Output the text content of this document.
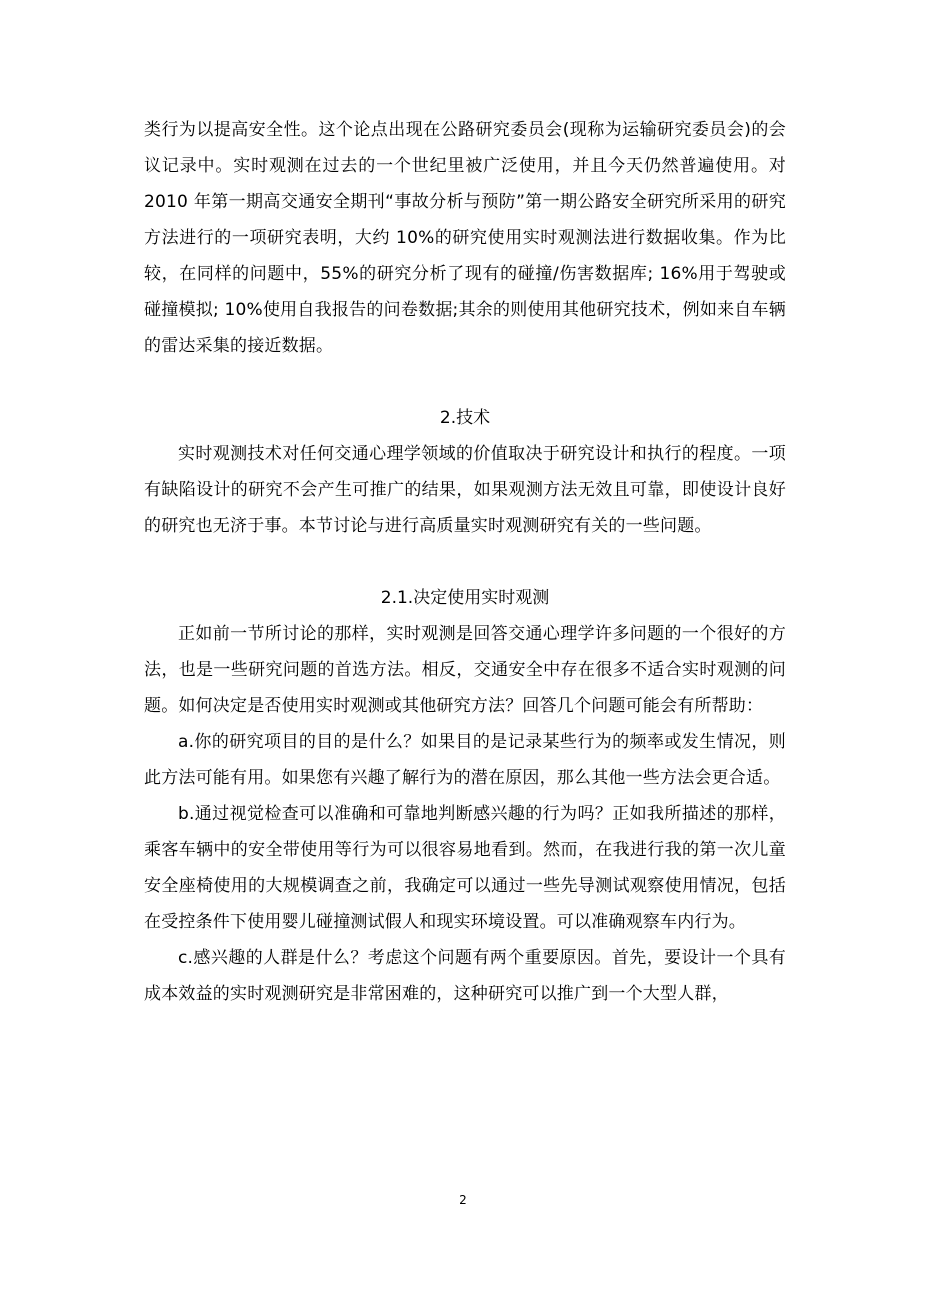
类行为以提高安全性。这个论点出现在公路研究委员会(现称为运输研究委员会)的会议记录中。实时观测在过去的一个世纪里被广泛使用，并且今天仍然普遍使用。对 2010 年第一期高交通安全期刊“事故分析与预防”第一期公路安全研究所采用的研究方法进行的一项研究表明，大约 10%的研究使用实时观测法进行数据收集。作为比较，在同样的问题中，55%的研究分析了现有的碰撞/伤害数据库; 16%用于驾驶或碰撞模拟; 10%使用自我报告的问卷数据;其余的则使用其他研究技术，例如来自车辆的雷达采集的接近数据。

2.技术

实时观测技术对任何交通心理学领域的价值取决于研究设计和执行的程度。一项有缺陷设计的研究不会产生可推广的结果，如果观测方法无效且可靠，即使设计良好的研究也无济于事。本节讨论与进行高质量实时观测研究有关的一些问题。

2.1.决定使用实时观测

正如前一节所讨论的那样，实时观测是回答交通心理学许多问题的一个很好的方法，也是一些研究问题的首选方法。相反，交通安全中存在很多不适合实时观测的问题。如何决定是否使用实时观测或其他研究方法？回答几个问题可能会有所帮助：

a.你的研究项目的目的是什么？如果目的是记录某些行为的频率或发生情况，则此方法可能有用。如果您有兴趣了解行为的潜在原因，那么其他一些方法会更合适。

b.通过视觉检查可以准确和可靠地判断感兴趣的行为吗？正如我所描述的那样，乘客车辆中的安全带使用等行为可以很容易地看到。然而，在我进行我的第一次儿童安全座椅使用的大规模调查之前，我确定可以通过一些先导测试观察使用情况，包括在受控条件下使用婴儿碰撞测试假人和现实环境设置。可以准确观察车内行为。

c.感兴趣的人群是什么？考虑这个问题有两个重要原因。首先，要设计一个具有成本效益的实时观测研究是非常困难的，这种研究可以推广到一个大型人群，

2
